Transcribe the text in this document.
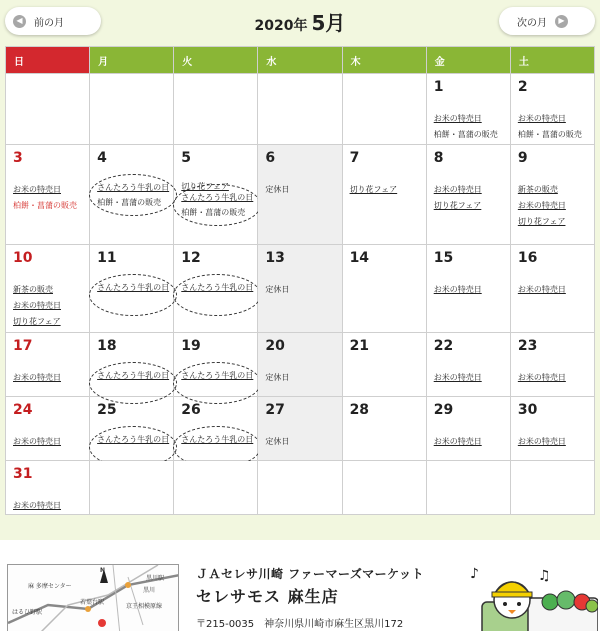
◀	前の月	2020年 5月	次の月	▶
日	月	火	水	木	金	土

					1
お米の特売日
柏餅・菖蒲の販売	2
お米の特売日
柏餅・菖蒲の販売

3
お米の特売日
柏餅・菖蒲の販売	4
さんたろう牛乳の日
柏餅・菖蒲の販売	5
切り花フェア
さんたろう牛乳の日
柏餅・菖蒲の販売	6
定休日	7
切り花フェア	8
お米の特売日
切り花フェア	9
新茶の販売
お米の特売日
切り花フェア

10
新茶の販売
お米の特売日
切り花フェア	11
さんたろう牛乳の日	12
さんたろう牛乳の日	13
定休日	14	15
お米の特売日	16
お米の特売日

17
お米の特売日	18
さんたろう牛乳の日	19
さんたろう牛乳の日	20
定休日	21	22
お米の特売日	23
お米の特売日

24
お米の特売日	25
さんたろう牛乳の日	26
さんたろう牛乳の日	27
定休日	28	29
お米の特売日	30
お米の特売日

31
お米の特売日						

麻 多摩センター
黒川
若葉台駅
はるひ野駅
京王相模原線
黒川駅
N	ＪＡセレサ川崎 ファーマーズマーケット
セレサモス 麻生店
〒215-0035　神奈川県川崎市麻生区黒川172
♪	♫
